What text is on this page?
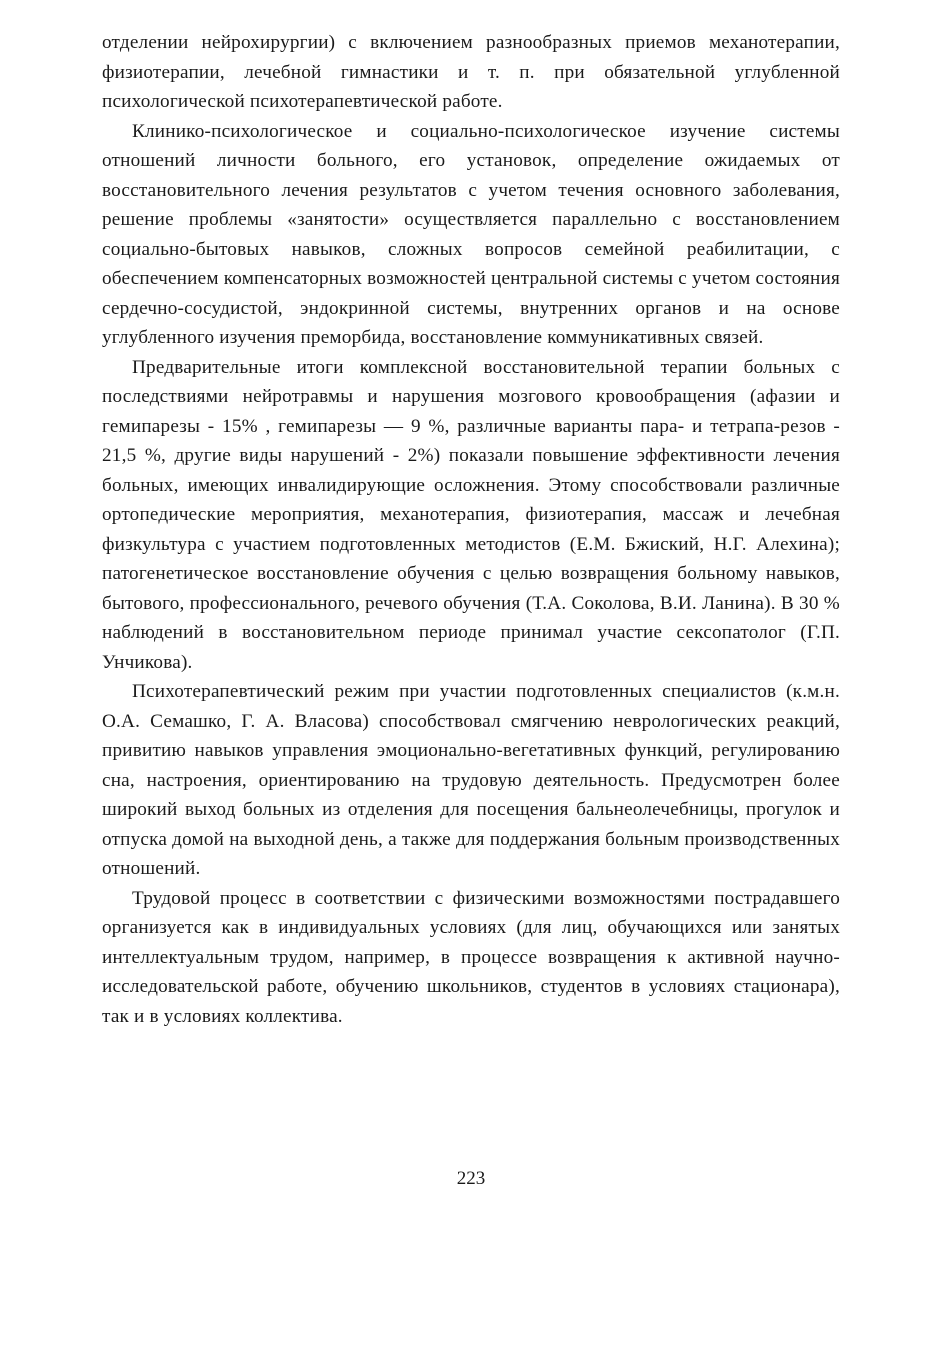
отделении нейрохирургии) с включением разнообразных приемов механотерапии, физиотерапии, лечебной гимнастики и т. п. при обязательной углубленной психологической психотерапевтической работе.

Клинико-психологическое и социально-психологическое изучение системы отношений личности больного, его установок, определение ожидаемых от восстановительного лечения результатов с учетом течения основного заболевания, решение проблемы «занятости» осуществляется параллельно с восстановлением социально-бытовых навыков, сложных вопросов семейной реабилитации, с обеспечением компенсаторных возможностей центральной системы с учетом состояния сердечно-сосудистой, эндокринной системы, внутренних органов и на основе углубленного изучения преморбида, восстановление коммуникативных связей.

Предварительные итоги комплексной восстановительной терапии больных с последствиями нейротравмы и нарушения мозгового кровообращения (афазии и гемипарезы - 15% , гемипарезы — 9 %, различные варианты пара- и тетрапа-резов - 21,5 %, другие виды нарушений - 2%) показали повышение эффективности лечения больных, имеющих инвалидирующие осложнения. Этому способствовали различные ортопедические мероприятия, механотерапия, физиотерапия, массаж и лечебная физкультура с участием подготовленных методистов (Е.М. Бжиский, Н.Г. Алехина); патогенетическое восстановление обучения с целью возвращения больному навыков, бытового, профессионального, речевого обучения (Т.А. Соколова, В.И. Ланина). В 30 % наблюдений в восстановительном периоде принимал участие сексопатолог (Г.П. Унчикова).

Психотерапевтический режим при участии подготовленных специалистов (к.м.н. О.А. Семашко, Г. А. Власова) способствовал смягчению неврологических реакций, привитию навыков управления эмоционально-вегетативных функций, регулированию сна, настроения, ориентированию на трудовую деятельность. Предусмотрен более широкий выход больных из отделения для посещения бальнеолечебницы, прогулок и отпуска домой на выходной день, а также для поддержания больным производственных отношений.

Трудовой процесс в соответствии с физическими возможностями пострадавшего организуется как в индивидуальных условиях (для лиц, обучающихся или занятых интеллектуальным трудом, например, в процессе возвращения к активной научно-исследовательской работе, обучению школьников, студентов в условиях стационара), так и в условиях коллектива.

223
